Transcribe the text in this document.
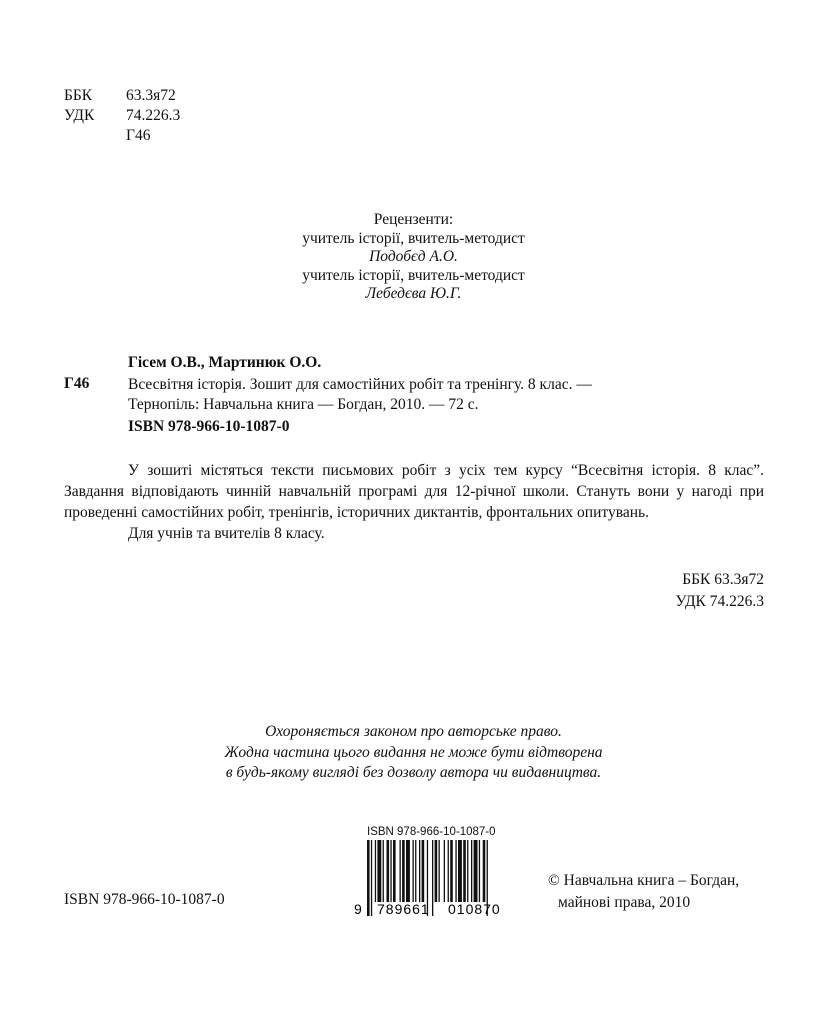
ББК	63.3я72
УДК	74.226.3
Г46
Рецензенти:
учитель історії, вчитель-методист
Подобєд А.О.
учитель історії, вчитель-методист
Лебедєва Ю.Г.
Гісем О.В., Мартинюк О.О.
Г46 Всесвітня історія. Зошит для самостійних робіт та тренінгу. 8 клас. —
Тернопіль: Навчальна книга — Богдан, 2010. — 72 с.
ISBN 978-966-10-1087-0

У зошиті містяться тексти письмових робіт з усіх тем курсу “Всесвітня історія. 8 клас”. Завдання відповідають чинній навчальній програмі для 12-річної школи. Стануть вони у нагоді при проведенні самостійних робіт, тренінгів, історичних диктантів, фронтальних опитувань.

Для учнів та вчителів 8 класу.

ББК 63.3я72
УДК 74.226.3
Охороняється законом про авторське право.
Жодна частина цього видання не може бути відтворена
в будь-якому вигляді без дозволу автора чи видавництва.
ISBN 978-966-10-1087-0
9 789661 010870
ISBN 978-966-10-1087-0
© Навчальна книга – Богдан,
майнові права, 2010
